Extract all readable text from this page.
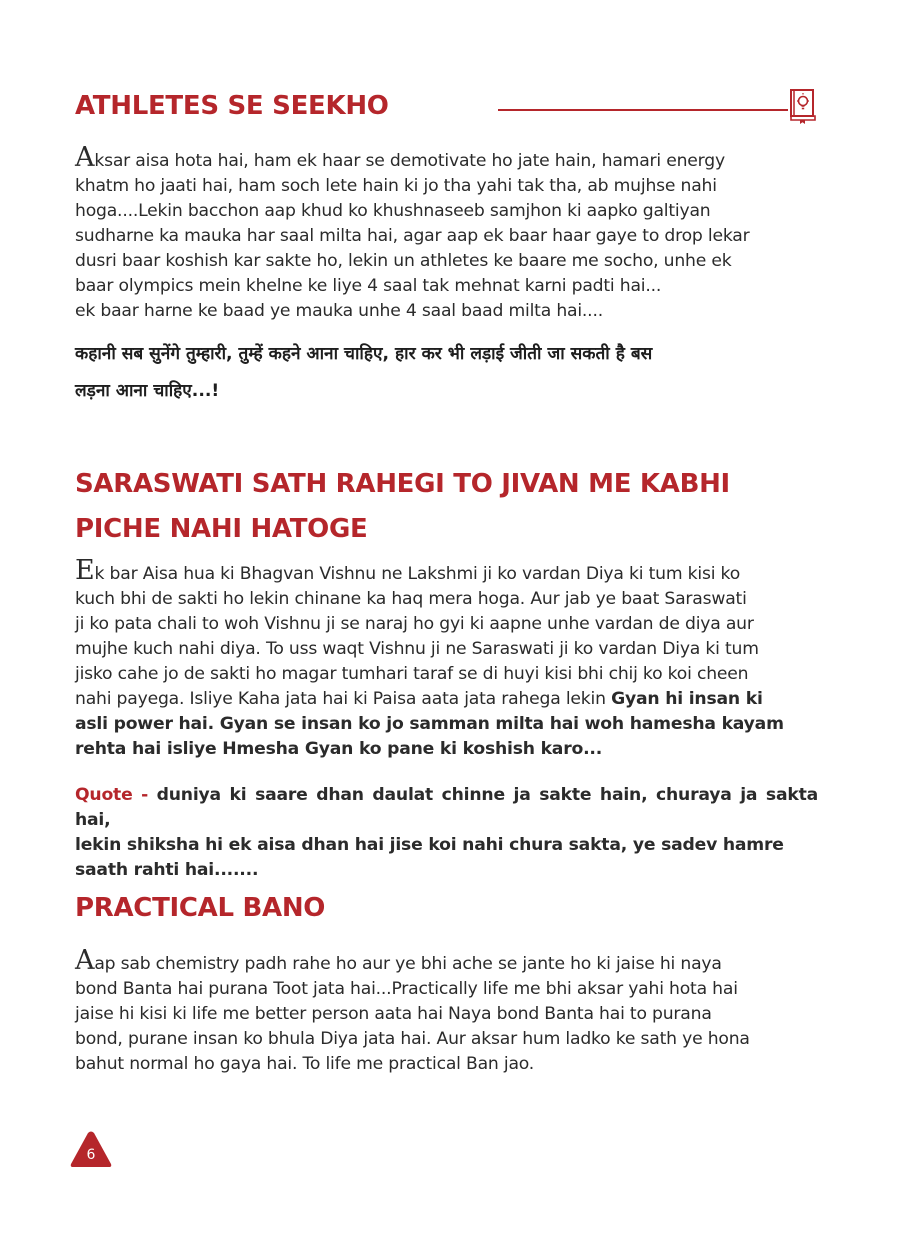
ATHLETES SE SEEKHO

Aksar aisa hota hai, ham ek haar se demotivate ho jate hain, hamari energy
khatm ho jaati hai, ham soch lete hain ki jo tha yahi tak tha, ab mujhse nahi
hoga....Lekin bacchon aap khud ko khushnaseeb samjhon ki aapko galtiyan
sudharne ka mauka har saal milta hai, agar aap ek baar haar gaye to drop lekar
dusri baar koshish kar sakte ho, lekin un athletes ke baare me socho, unhe ek
baar olympics mein khelne ke liye 4 saal tak mehnat karni padti hai...
ek baar harne ke baad ye mauka unhe 4 saal baad milta hai....

कहानी सब सुनेंगे तुम्हारी, तुम्हें कहने आना चाहिए, हार कर भी लड़ाई जीती जा सकती है बस

लड़ना आना चाहिए...!

SARASWATI SATH RAHEGI TO JIVAN ME KABHI
PICHE NAHI HATOGE

Ek bar Aisa hua ki Bhagvan Vishnu ne Lakshmi ji ko vardan Diya ki tum kisi ko
kuch bhi de sakti ho lekin chinane ka haq mera hoga. Aur jab ye baat Saraswati
ji ko pata chali to woh Vishnu ji se naraj ho gyi ki aapne unhe vardan de diya aur
mujhe kuch nahi diya. To uss waqt Vishnu ji ne Saraswati ji ko vardan Diya ki tum
jisko cahe jo de sakti ho magar tumhari taraf se di huyi kisi bhi chij ko koi cheen
nahi payega. Isliye Kaha jata hai ki Paisa aata jata rahega lekin Gyan hi insan ki
asli power hai. Gyan se insan ko jo samman milta hai woh hamesha kayam
rehta hai isliye Hmesha Gyan ko pane ki koshish karo...

Quote - duniya ki saare dhan daulat chinne ja sakte hain, churaya ja sakta hai,
lekin shiksha hi ek aisa dhan hai jise koi nahi chura sakta, ye sadev hamre
saath rahti hai.......

PRACTICAL BANO

Aap sab chemistry padh rahe ho aur ye bhi ache se jante ho ki jaise hi naya
bond Banta hai purana Toot jata hai...Practically life me bhi aksar yahi hota hai
jaise hi kisi ki life me better person aata hai Naya bond Banta hai to purana
bond, purane insan ko bhula Diya jata hai. Aur aksar hum ladko ke sath ye hona
bahut normal ho gaya hai. To life me practical Ban jao.

6
